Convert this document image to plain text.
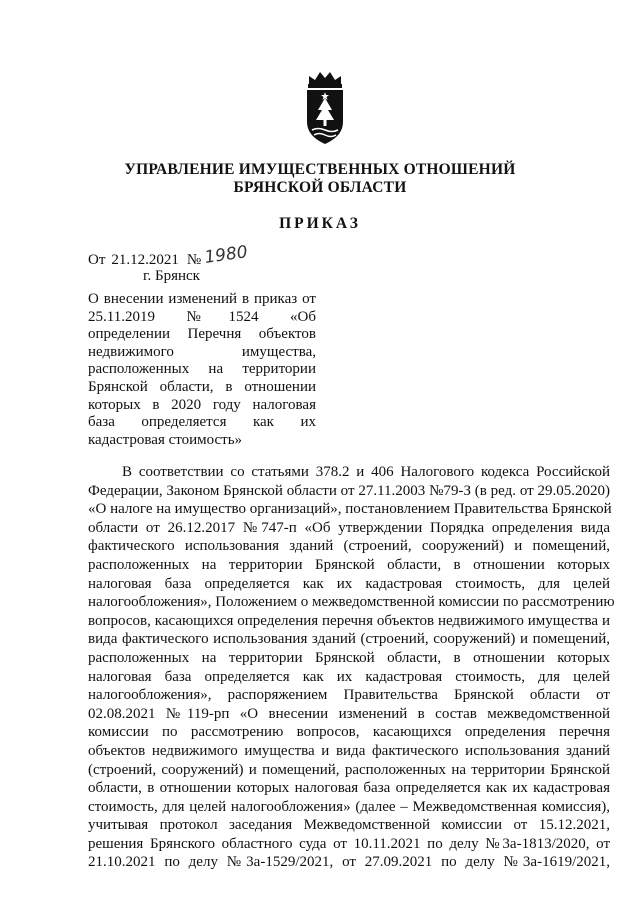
УПРАВЛЕНИЕ ИМУЩЕСТВЕННЫХ ОТНОШЕНИЙ

БРЯНСКОЙ ОБЛАСТИ

ПРИКАЗ

От 21.12.2021 № 1980
г. Брянск
О внесении изменений в приказ от
25.11.2019 №1524 «Об
определении Перечня объектов
недвижимого имущества,
расположенных на территории
Брянской области, в отношении
которых в 2020 году налоговая
база определяется как их
кадастровая стоимость»
В соответствии со статьями 378.2 и 406 Налогового кодекса Российской
Федерации, Законом Брянской области от 27.11.2003 №79-З (в ред. от 29.05.2020)
«О налоге на имущество организаций», постановлением Правительства Брянской
области от 26.12.2017 №747-п «Об утверждении Порядка определения вида
фактического использования зданий (строений, сооружений) и помещений,
расположенных на территории Брянской области, в отношении которых
налоговая база определяется как их кадастровая стоимость, для целей
налогообложения», Положением о межведомственной комиссии по рассмотрению
вопросов, касающихся определения перечня объектов недвижимого имущества и
вида фактического использования зданий (строений, сооружений) и помещений,
расположенных на территории Брянской области, в отношении которых
налоговая база определяется как их кадастровая стоимость, для целей
налогообложения», распоряжением Правительства Брянской области от
02.08.2021 №119-рп «О внесении изменений в состав межведомственной
комиссии по рассмотрению вопросов, касающихся определения перечня
объектов недвижимого имущества и вида фактического использования зданий
(строений, сооружений) и помещений, расположенных на территории Брянской
области, в отношении которых налоговая база определяется как их кадастровая
стоимость, для целей налогообложения» (далее – Межведомственная комиссия),
учитывая протокол заседания Межведомственной комиссии от 15.12.2021,
решения Брянского областного суда от 10.11.2021 по делу №3а-1813/2020, от
21.10.2021 по делу №3а-1529/2021, от 27.09.2021 по делу №3а-1619/2021,
